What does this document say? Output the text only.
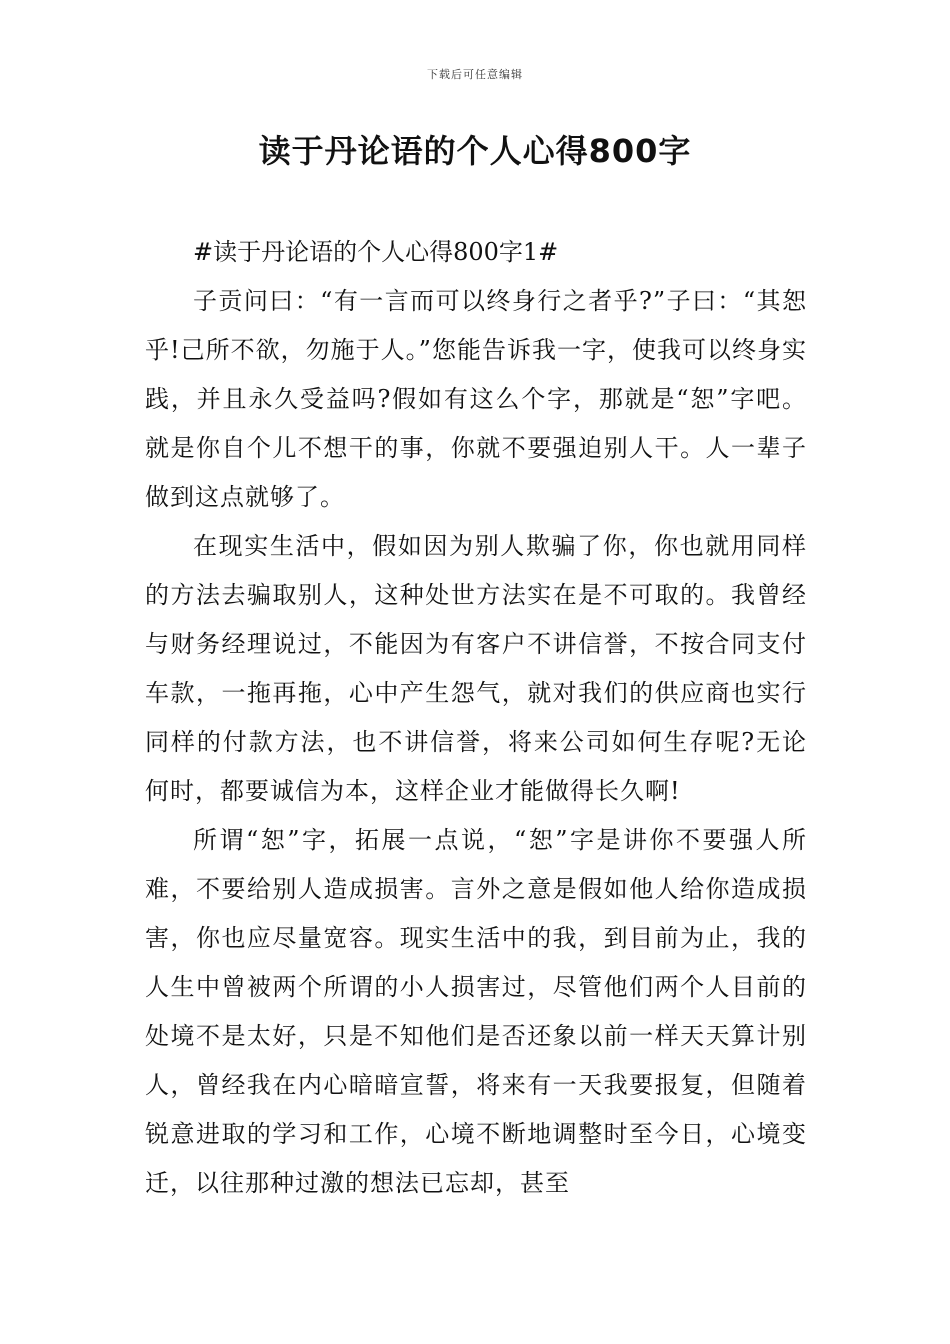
下载后可任意编辑
读于丹论语的个人心得800字

#读于丹论语的个人心得800字1#

子贡问曰：“有一言而可以终身行之者乎?”子曰：“其恕乎!己所不欲，勿施于人。”您能告诉我一字，使我可以终身实践，并且永久受益吗?假如有这么个字，那就是“恕”字吧。就是你自个儿不想干的事，你就不要强迫别人干。人一辈子做到这点就够了。

在现实生活中，假如因为别人欺骗了你，你也就用同样的方法去骗取别人，这种处世方法实在是不可取的。我曾经与财务经理说过，不能因为有客户不讲信誉，不按合同支付车款，一拖再拖，心中产生怨气，就对我们的供应商也实行同样的付款方法，也不讲信誉，将来公司如何生存呢?无论何时，都要诚信为本，这样企业才能做得长久啊!

所谓“恕”字，拓展一点说，“恕”字是讲你不要强人所难，不要给别人造成损害。言外之意是假如他人给你造成损害，你也应尽量宽容。现实生活中的我，到目前为止，我的人生中曾被两个所谓的小人损害过，尽管他们两个人目前的处境不是太好，只是不知他们是否还象以前一样天天算计别人，曾经我在内心暗暗宣誓，将来有一天我要报复，但随着锐意进取的学习和工作，心境不断地调整时至今日，心境变迁，以往那种过激的想法已忘却，甚至
